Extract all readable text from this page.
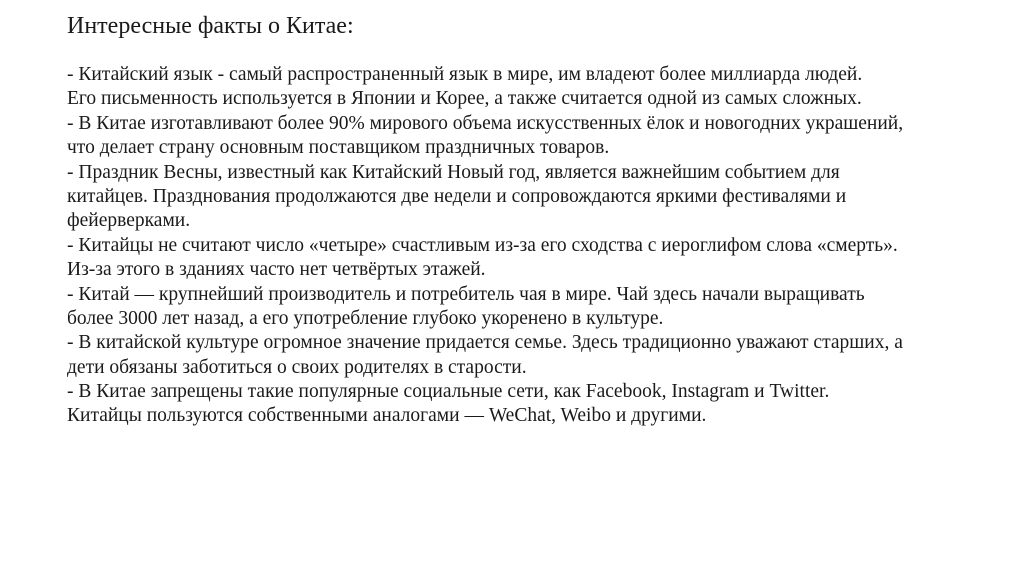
Интересные факты о Китае:
- Китайский язык - самый распространенный язык в мире, им владеют более миллиарда людей.
Его письменность используется в Японии и Корее, а также считается одной из самых сложных.
- В Китае изготавливают более 90% мирового объема искусственных ёлок и новогодних украшений,
что делает страну основным поставщиком праздничных товаров.
- Праздник Весны, известный как Китайский Новый год, является важнейшим событием для
китайцев. Празднования продолжаются две недели и сопровождаются яркими фестивалями и
фейерверками.
- Китайцы не считают число «четыре» счастливым из-за его сходства с иероглифом слова «смерть».
Из-за этого в зданиях часто нет четвёртых этажей.
- Китай — крупнейший производитель и потребитель чая в мире. Чай здесь начали выращивать
более 3000 лет назад, а его употребление глубоко укоренено в культуре.
- В китайской культуре огромное значение придается семье. Здесь традиционно уважают старших, а
дети обязаны заботиться о своих родителях в старости.
- В Китае запрещены такие популярные социальные сети, как Facebook, Instagram и Twitter.
Китайцы пользуются собственными аналогами — WeChat, Weibo и другими.
